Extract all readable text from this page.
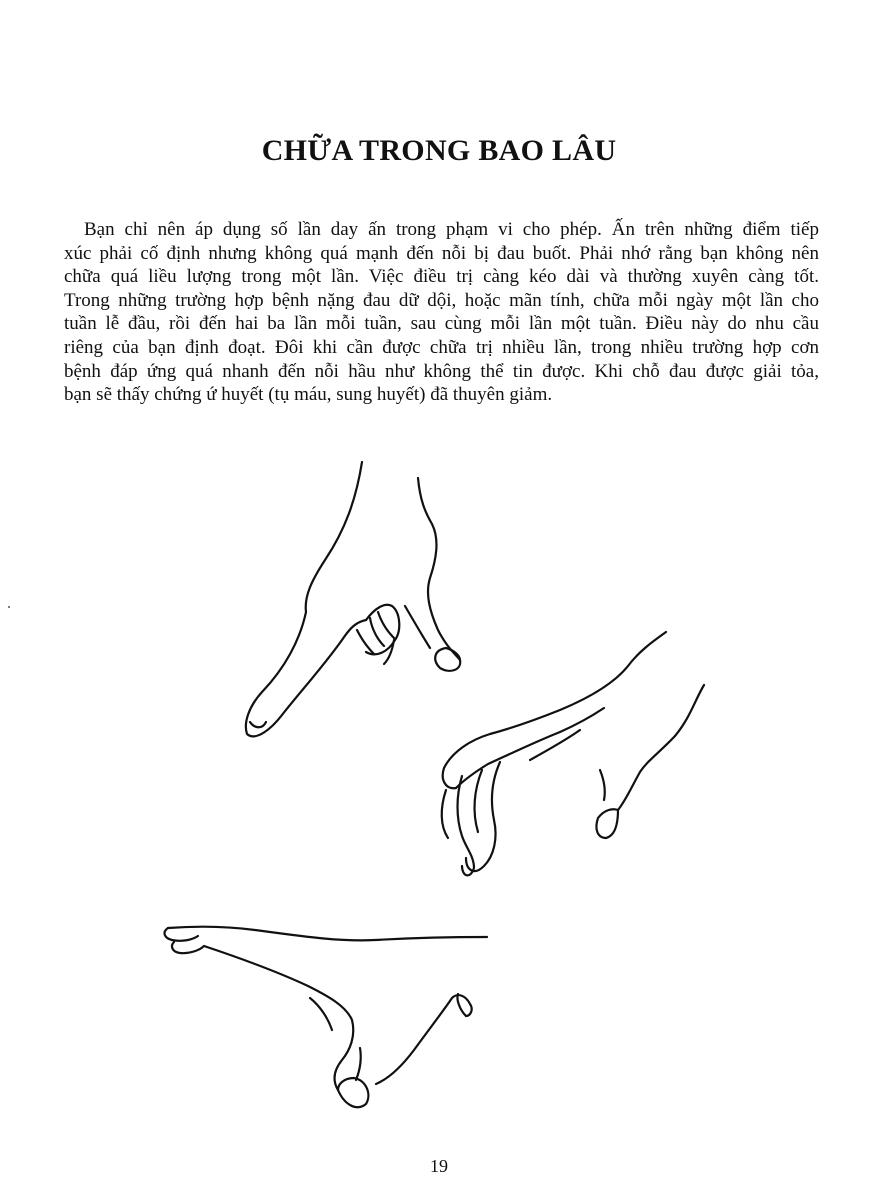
CHỮA TRONG BAO LÂU
Bạn chỉ nên áp dụng số lần day ấn trong phạm vi cho phép. Ấn trên những điểm tiếp
xúc phải cố định nhưng không quá mạnh đến nỗi bị đau buốt. Phải nhớ rằng bạn không nên
chữa quá liều lượng trong một lần. Việc điều trị càng kéo dài và thường xuyên càng tốt.
Trong những trường hợp bệnh nặng đau dữ dội, hoặc mãn tính, chữa mỗi ngày một lần cho
tuần lễ đầu, rồi đến hai ba lần mỗi tuần, sau cùng mỗi lần một tuần. Điều này do nhu cầu
riêng của bạn định đoạt. Đôi khi cần được chữa trị nhiều lần, trong nhiều trường hợp cơn
bệnh đáp ứng quá nhanh đến nỗi hầu như không thể tin được. Khi chỗ đau được giải tỏa,
bạn sẽ thấy chứng ứ huyết (tụ máu, sung huyết) đã thuyên giảm.
19
